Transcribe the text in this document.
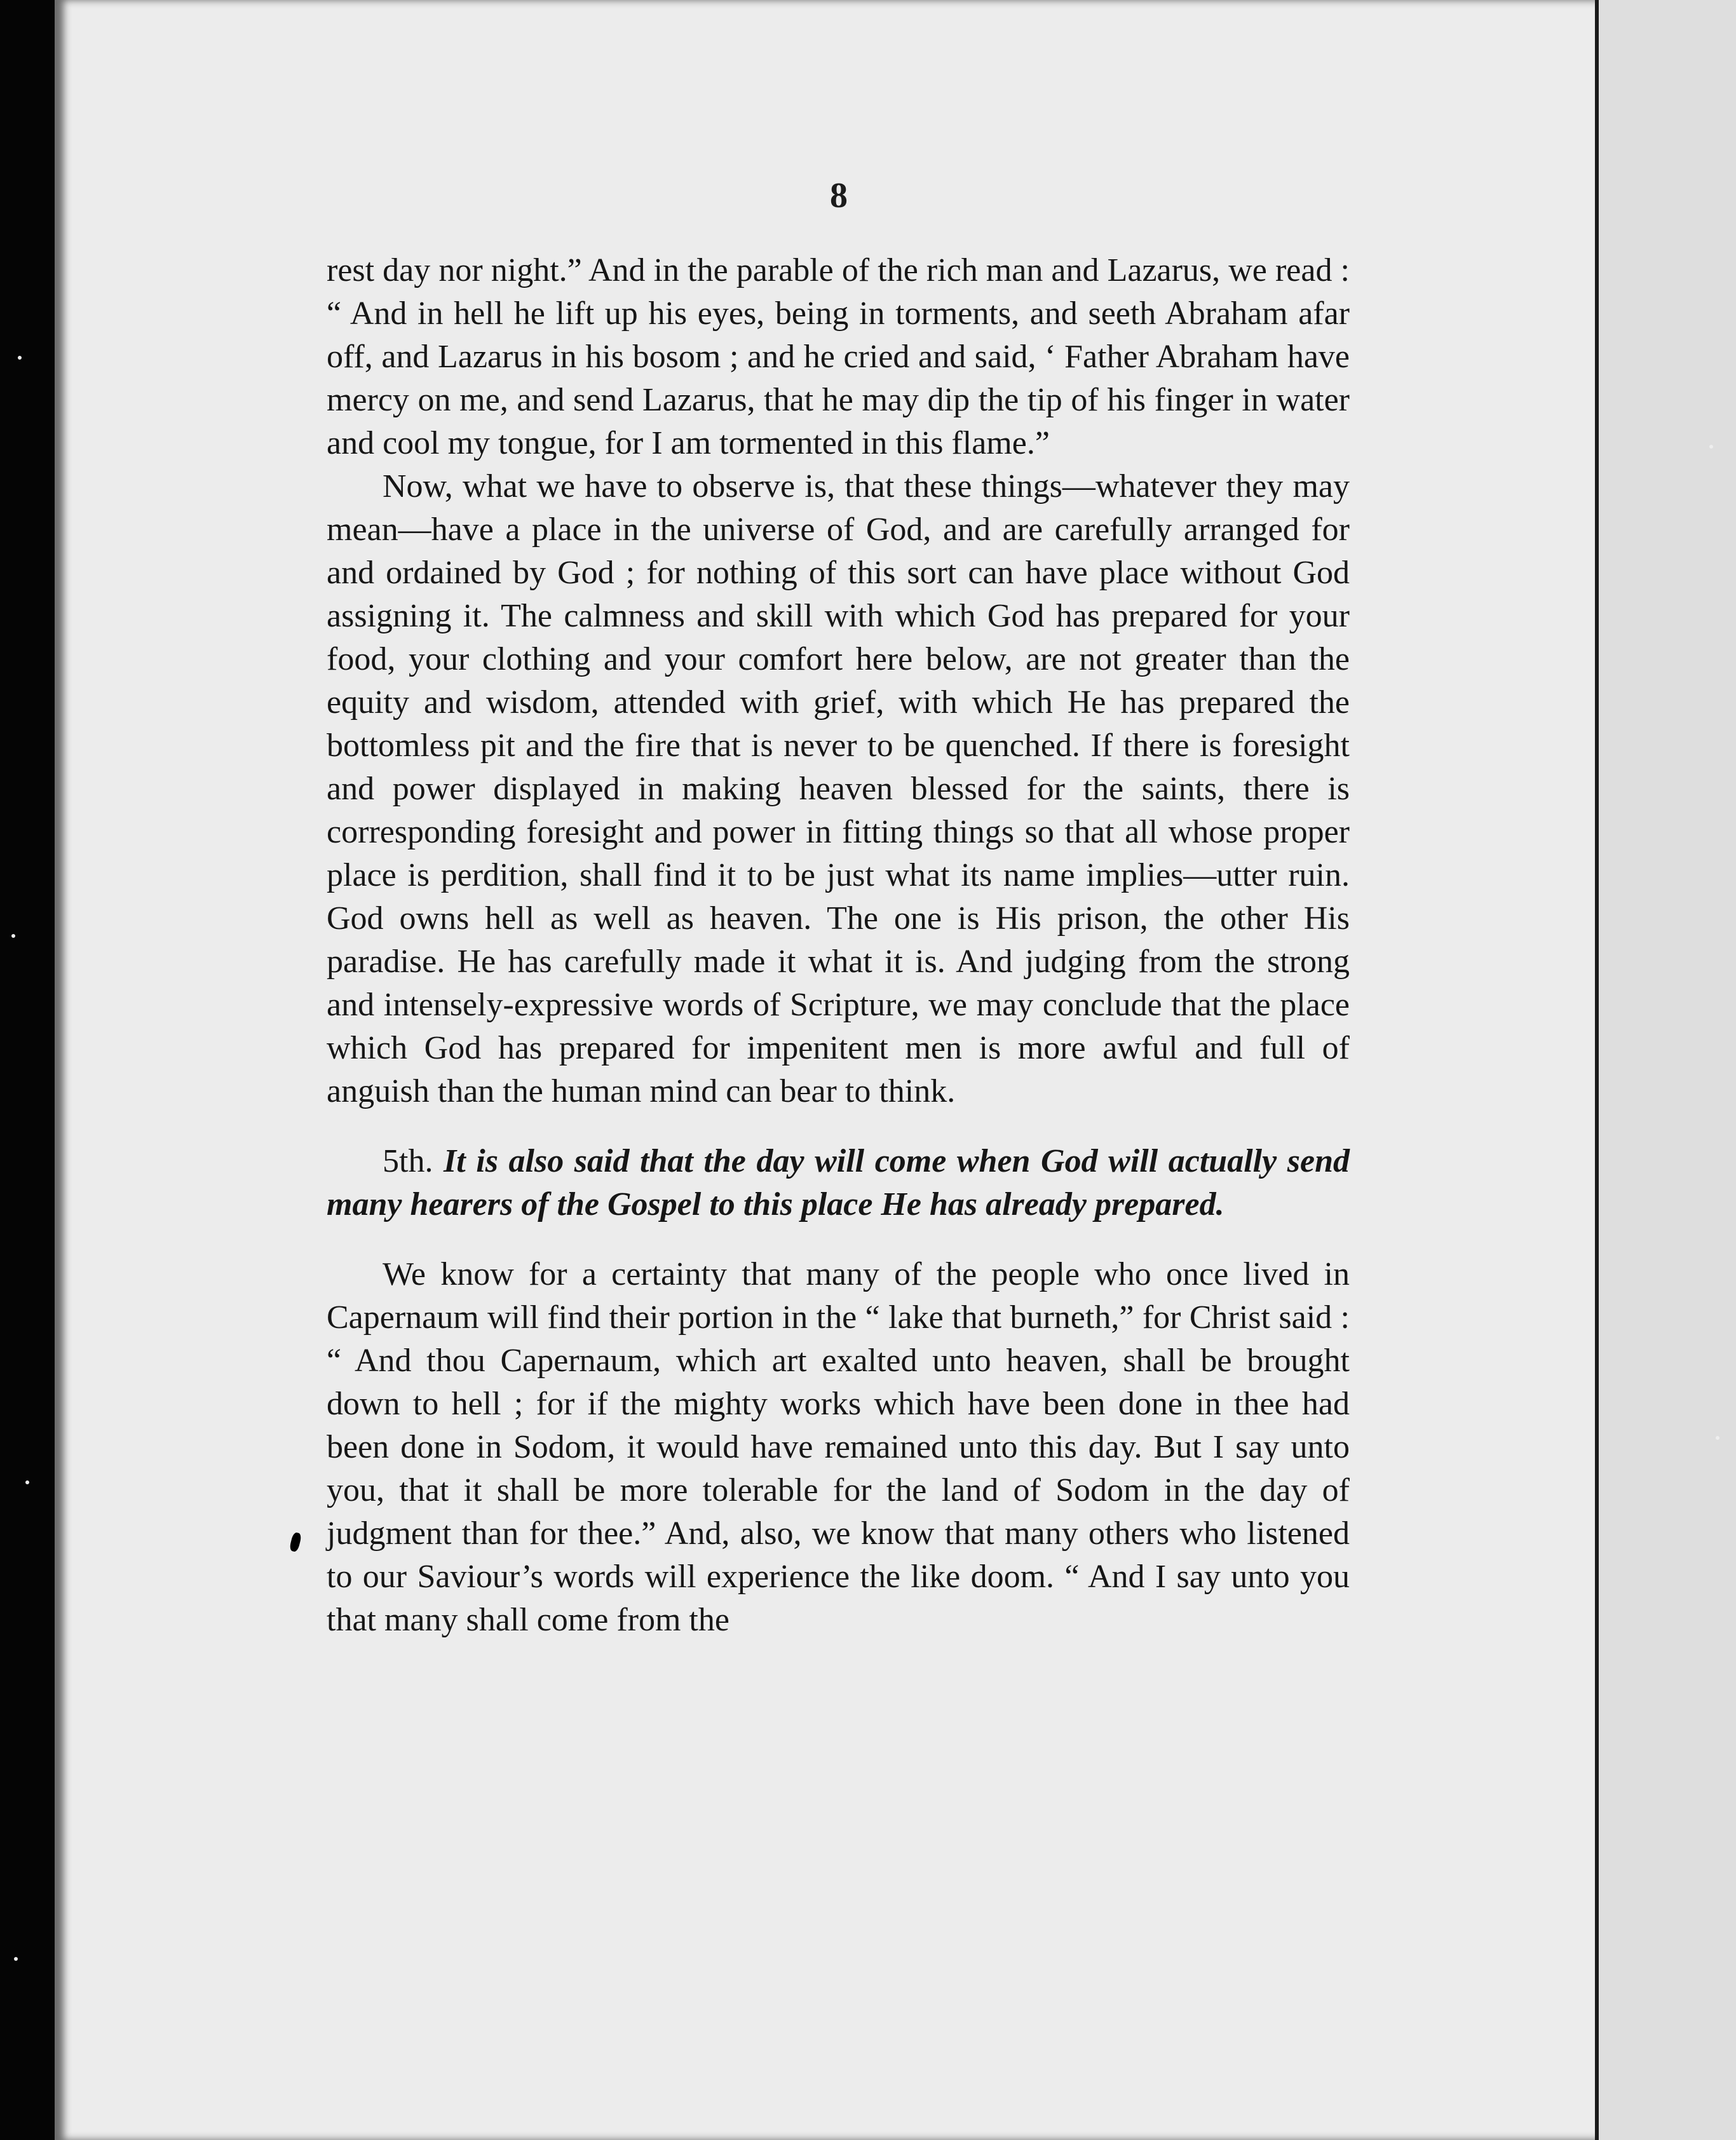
8

rest day nor night.” And in the parable of the rich man and Lazarus, we read : “ And in hell he lift up his eyes, being in torments, and seeth Abraham afar off, and Lazarus in his bosom ; and he cried and said, ‘ Father Abraham have mercy on me, and send Lazarus, that he may dip the tip of his finger in water and cool my tongue, for I am tormented in this flame.”

Now, what we have to observe is, that these things—whatever they may mean—have a place in the universe of God, and are carefully arranged for and ordained by God ; for nothing of this sort can have place without God assigning it. The calmness and skill with which God has prepared for your food, your clothing and your comfort here below, are not greater than the equity and wisdom, attended with grief, with which He has prepared the bottomless pit and the fire that is never to be quenched. If there is foresight and power displayed in making heaven blessed for the saints, there is corresponding foresight and power in fitting things so that all whose proper place is perdition, shall find it to be just what its name implies—utter ruin. God owns hell as well as heaven. The one is His prison, the other His paradise. He has carefully made it what it is. And judging from the strong and intensely-expressive words of Scripture, we may conclude that the place which God has prepared for impenitent men is more awful and full of anguish than the human mind can bear to think.

5th. It is also said that the day will come when God will actually send many hearers of the Gospel to this place He has already prepared.

We know for a certainty that many of the people who once lived in Capernaum will find their portion in the “ lake that burneth,” for Christ said : “ And thou Capernaum, which art exalted unto heaven, shall be brought down to hell ; for if the mighty works which have been done in thee had been done in Sodom, it would have remained unto this day. But I say unto you, that it shall be more tolerable for the land of Sodom in the day of judgment than for thee.” And, also, we know that many others who listened to our Saviour’s words will experience the like doom. “ And I say unto you that many shall come from the
